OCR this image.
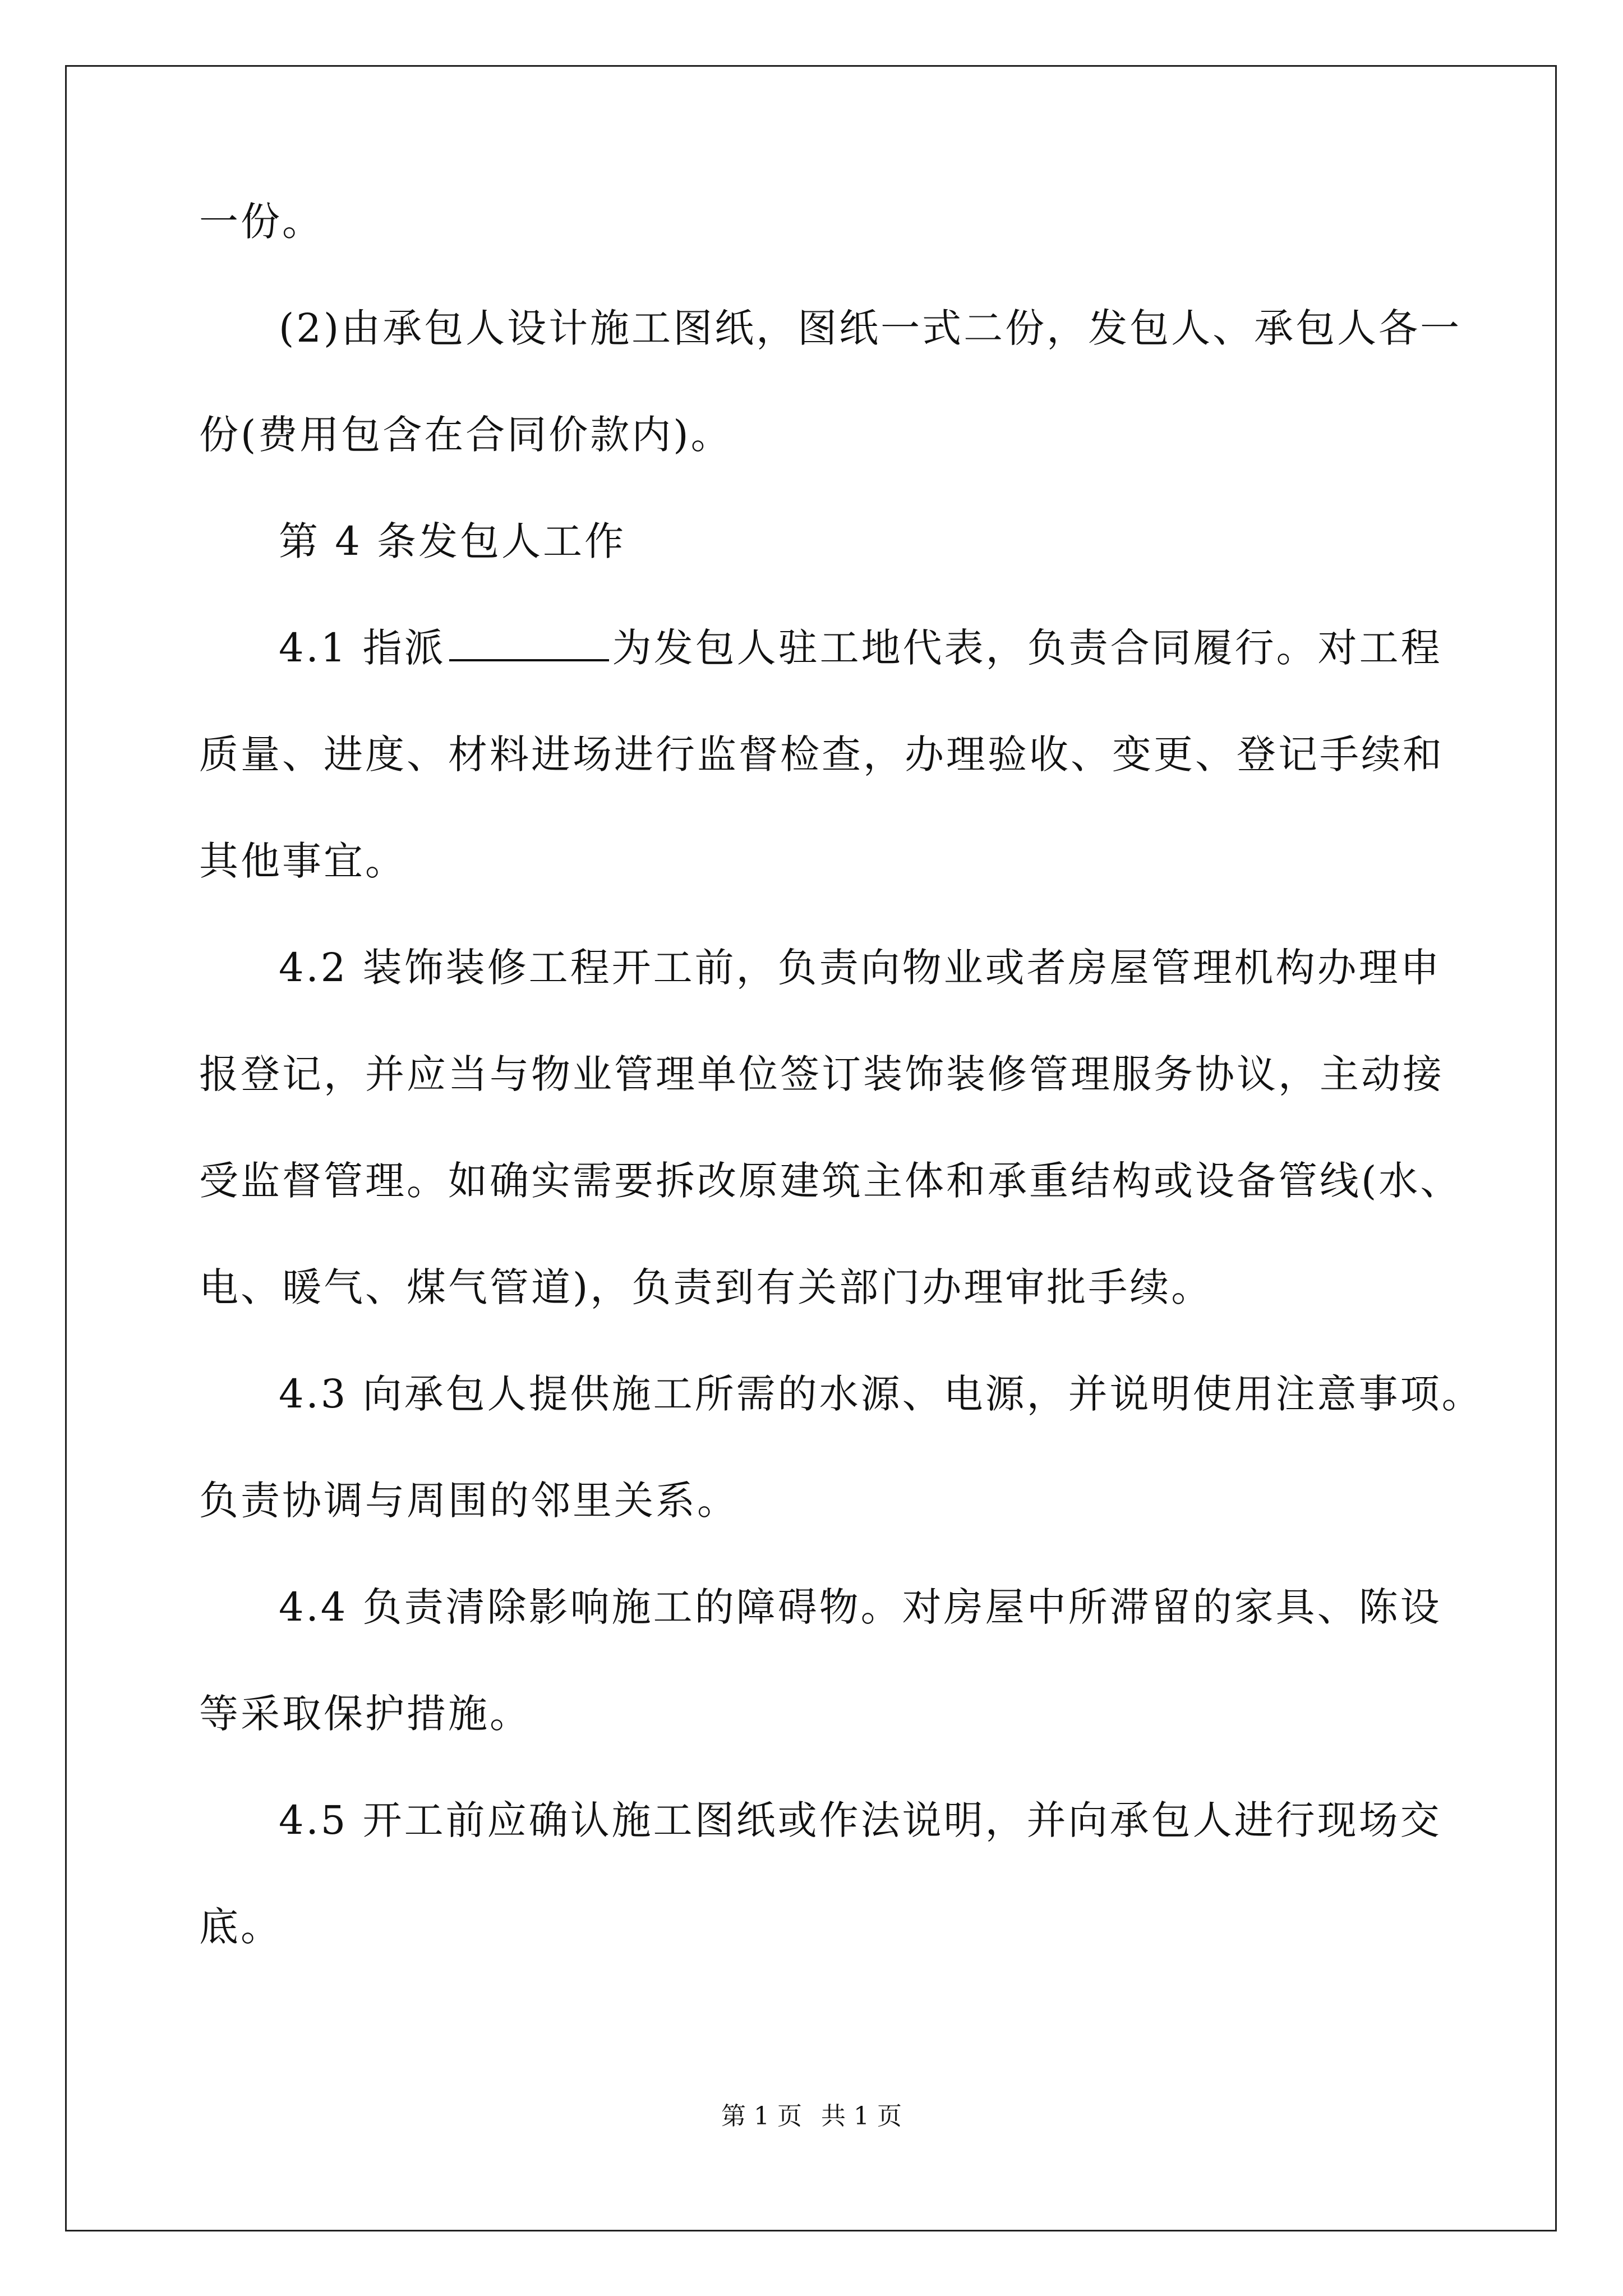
一份。
(2)由承包人设计施工图纸，图纸一式二份，发包人、承包人各一
份(费用包含在合同价款内)。
第 4 条发包人工作
4.1 指派	为发包人驻工地代表，负责合同履行。对工程
质量、进度、材料进场进行监督检查，办理验收、变更、登记手续和
其他事宜。
4.2 装饰装修工程开工前，负责向物业或者房屋管理机构办理申
报登记，并应当与物业管理单位签订装饰装修管理服务协议，主动接
受监督管理。如确实需要拆改原建筑主体和承重结构或设备管线(水、
电、暖气、煤气管道)，负责到有关部门办理审批手续。
4.3 向承包人提供施工所需的水源、电源，并说明使用注意事项。
负责协调与周围的邻里关系。
4.4 负责清除影响施工的障碍物。对房屋中所滞留的家具、陈设
等采取保护措施。
4.5 开工前应确认施工图纸或作法说明，并向承包人进行现场交
底。
第 1 页 共 1 页
